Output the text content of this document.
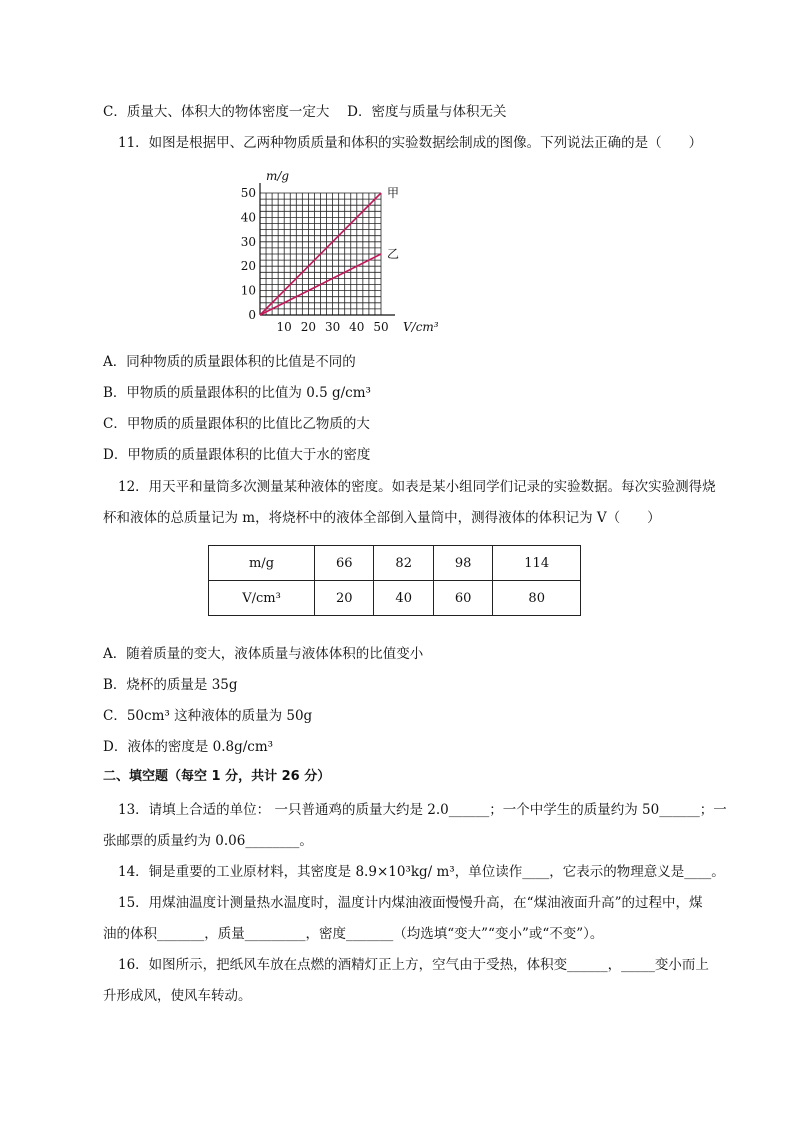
C．质量大、体积大的物体密度一定大　 D．密度与质量与体积无关
11．如图是根据甲、乙两种物质质量和体积的实验数据绘制成的图像。下列说法正确的是（　　）
甲
乙
0
10
20
30
40
50
10 20 30 40 50
m/g
V/cm³
A．同种物质的质量跟体积的比值是不同的
B．甲物质的质量跟体积的比值为 0.5 g/cm³
C．甲物质的质量跟体积的比值比乙物质的大
D．甲物质的质量跟体积的比值大于水的密度
12．用天平和量筒多次测量某种液体的密度。如表是某小组同学们记录的实验数据。每次实验测得烧
杯和液体的总质量记为 m，将烧杯中的液体全部倒入量筒中，测得液体的体积记为 V（　　）
m/g	66	82	98	114
V/cm³	20	40	60	80
A．随着质量的变大，液体质量与液体体积的比值变小
B．烧杯的质量是 35g
C．50cm³ 这种液体的质量为 50g
D．液体的密度是 0.8g/cm³
二、填空题（每空 1 分，共计 26 分）
13．请填上合适的单位： 一只普通鸡的质量大约是 2.0______；一个中学生的质量约为 50______；一
张邮票的质量约为 0.06________。
14．铜是重要的工业原材料，其密度是 8.9×10³kg/ m³，单位读作____，它表示的物理意义是____。
15．用煤油温度计测量热水温度时，温度计内煤油液面慢慢升高，在“煤油液面升高”的过程中，煤
油的体积_______，质量_________，密度_______（均选填“变大”“变小”或“不变”）。
16．如图所示，把纸风车放在点燃的酒精灯正上方，空气由于受热，体积变______，_____变小而上
升形成风，使风车转动。
